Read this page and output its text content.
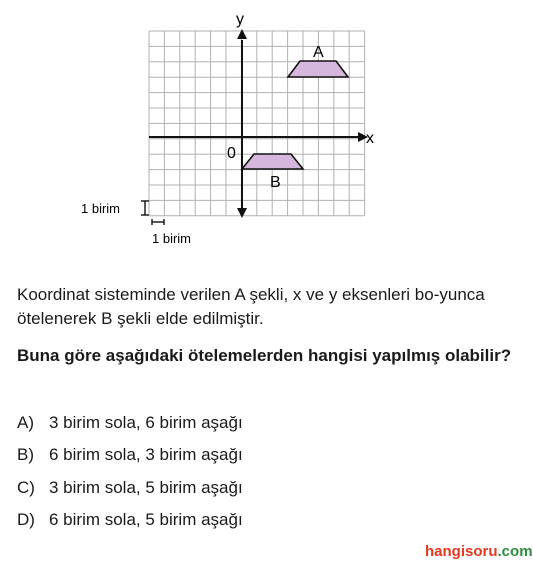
y
x
0
A
B
1 birim
1 birim

Koordinat sisteminde verilen A şekli, x ve y eksenleri bo-yunca ötelenerek B şekli elde edilmiştir.

Buna göre aşağıdaki ötelemelerden hangisi yapılmış olabilir?

A) 3 birim sola, 6 birim aşağı
B) 6 birim sola, 3 birim aşağı
C) 3 birim sola, 5 birim aşağı
D) 6 birim sola, 5 birim aşağı
hangisoru.com
